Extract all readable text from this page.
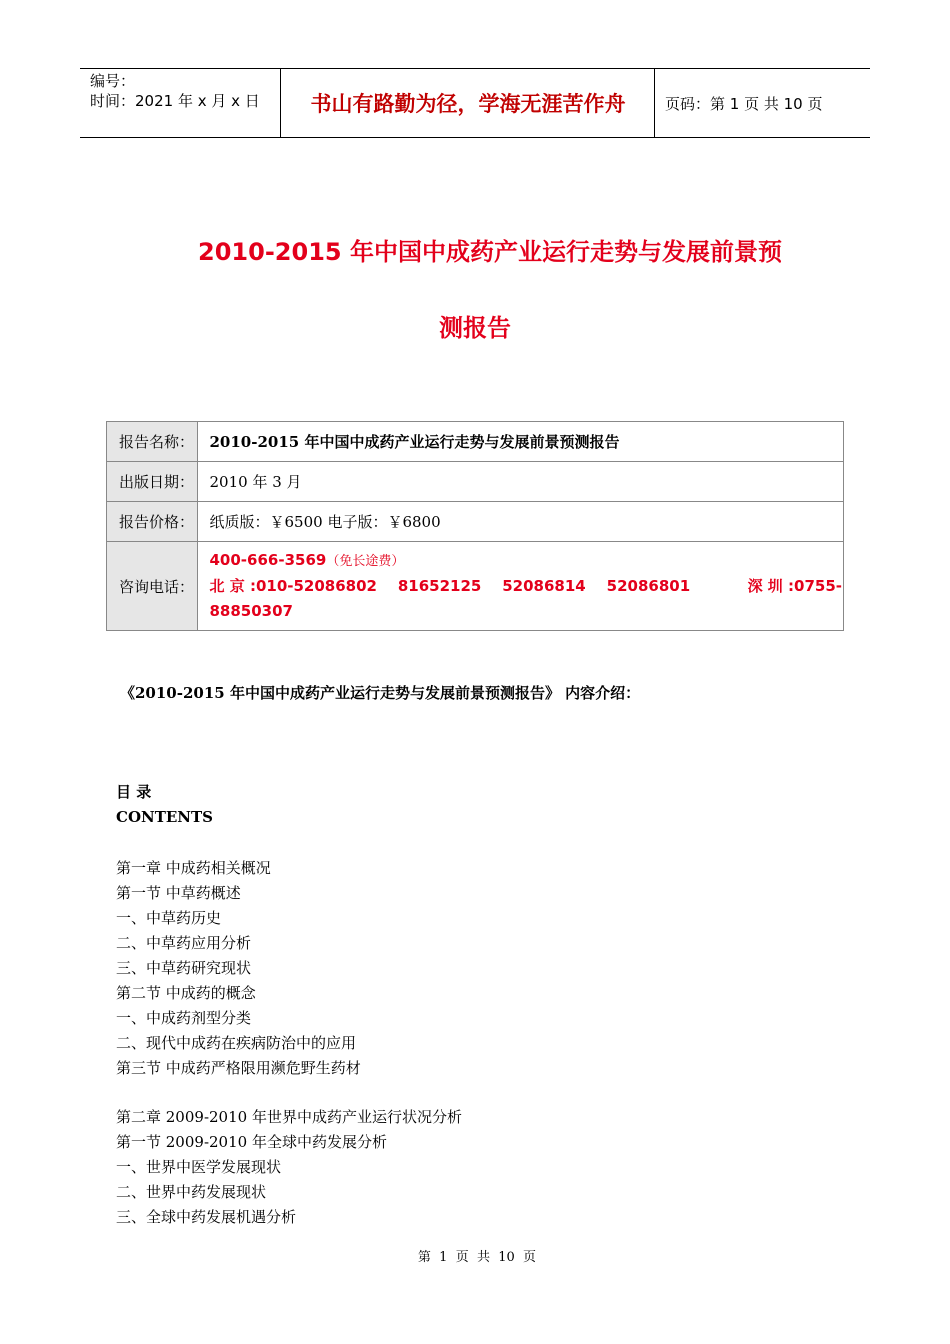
编号：
时间：2021 年 x 月 x 日	书山有路勤为径，学海无涯苦作舟	页码：第 1 页 共 10 页
2010-2015 年中国中成药产业运行走势与发展前景预
测报告
报告名称：	2010-2015 年中国中成药产业运行走势与发展前景预测报告
出版日期：	2010 年 3 月
报告价格：	纸质版：￥6500 电子版：￥6800
咨询电话：	400-666-3569（免长途费）
北 京 :010-52086802    81652125    52086814    52086801           深 圳 :0755-
88850307
《2010-2015 年中国中成药产业运行走势与发展前景预测报告》 内容介绍：
目 录
CONTENTS
第一章 中成药相关概况
第一节 中草药概述
一、中草药历史
二、中草药应用分析
三、中草药研究现状
第二节 中成药的概念
一、中成药剂型分类
二、现代中成药在疾病防治中的应用
第三节 中成药严格限用濒危野生药材
第二章 2009-2010 年世界中成药产业运行状况分析
第一节 2009-2010 年全球中药发展分析
一、世界中医学发展现状
二、世界中药发展现状
三、全球中药发展机遇分析
第  1  页  共  10  页
